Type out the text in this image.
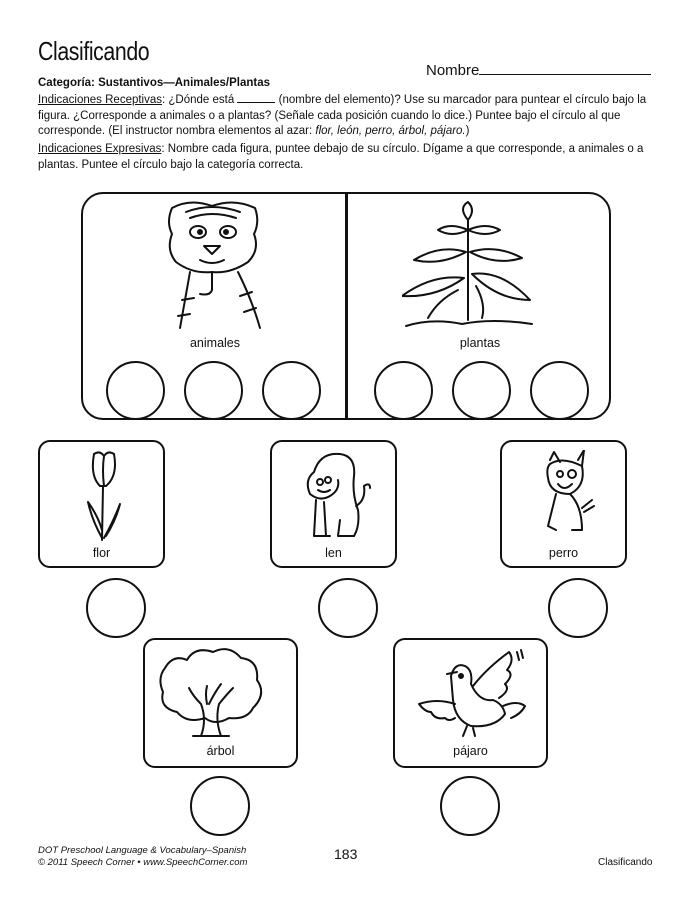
Clasificando
Nombre
Categoría: Sustantivos—Animales/Plantas
Indicaciones Receptivas: ¿Dónde está	(nombre del elemento)? Use su marcador para puntear el círculo bajo la figura. ¿Corresponde a animales o a plantas? (Señale cada posición cuando lo dice.) Puntee bajo el círculo al que corresponde. (El instructor nombra elementos al azar: flor, león, perro, árbol, pájaro.)
Indicaciones Expresivas: Nombre cada figura, puntee debajo de su círculo. Dígame a que corresponde, a animales o a plantas. Puntee el círculo bajo la categoría correcta.
animales	plantas
flor	len	perro
árbol	pájaro
DOT Preschool Language & Vocabulary–Spanish
© 2011 Speech Corner • www.SpeechCorner.com
183
Clasificando
